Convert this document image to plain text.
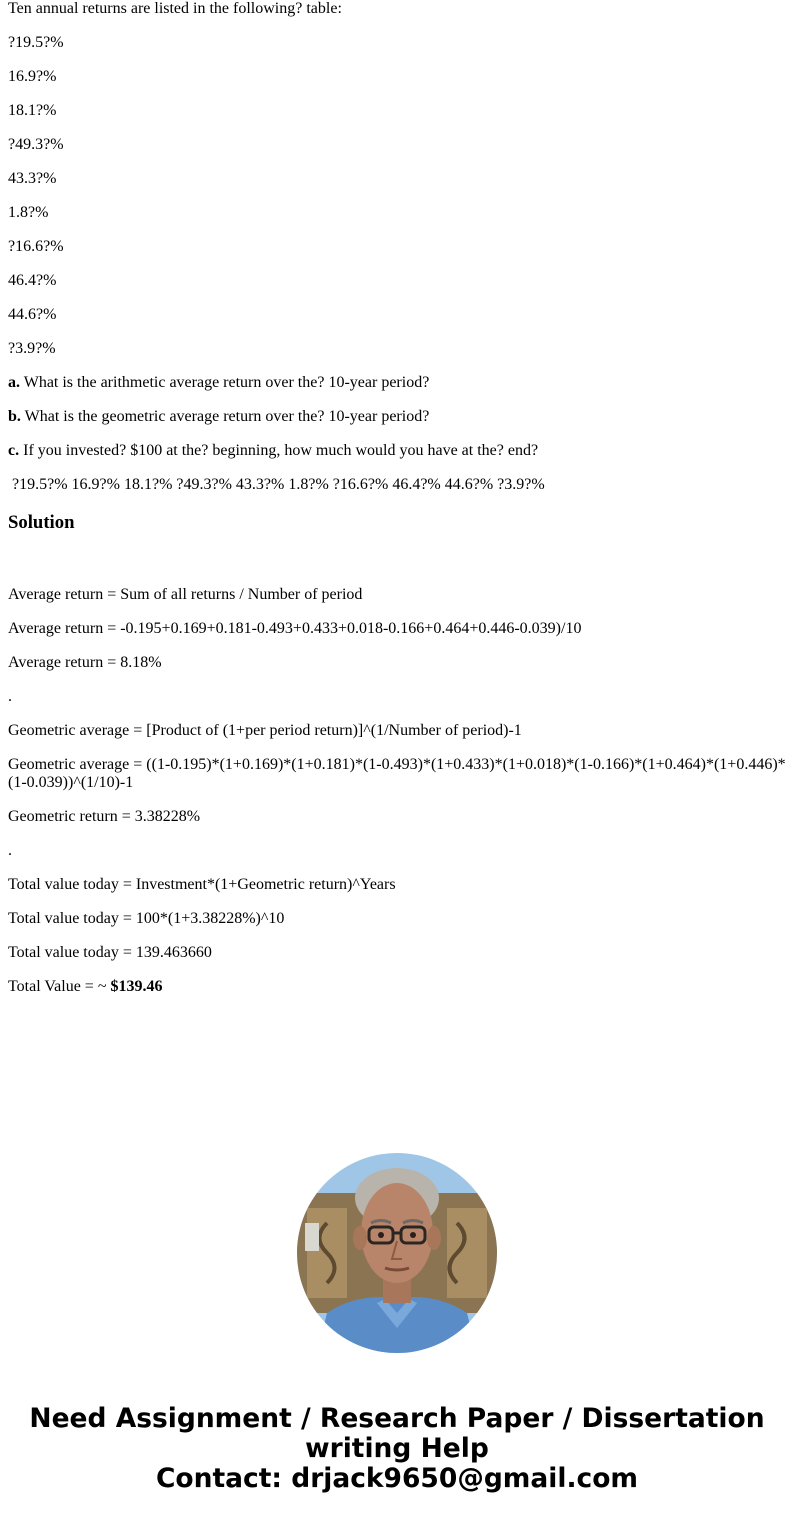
Ten annual returns are listed in the following? table:

?19.5?%

16.9?%

18.1?%

?49.3?%

43.3?%

1.8?%

?16.6?%

46.4?%

44.6?%

?3.9?%

a. What is the arithmetic average return over the? 10-year period?

b. What is the geometric average return over the? 10-year period?

c. If you invested? $100 at the? beginning, how much would you have at the? end?

?19.5?% 16.9?% 18.1?% ?49.3?% 43.3?% 1.8?% ?16.6?% 46.4?% 44.6?% ?3.9?%
Solution

Average return = Sum of all returns / Number of period

Average return = -0.195+0.169+0.181-0.493+0.433+0.018-0.166+0.464+0.446-0.039)/10

Average return = 8.18%

.

Geometric average = [Product of (1+per period return)]^(1/Number of period)-1

Geometric average = ((1-0.195)*(1+0.169)*(1+0.181)*(1-0.493)*(1+0.433)*(1+0.018)*(1-0.166)*(1+0.464)*(1+0.446)*(1-0.039))^(1/10)-1

Geometric return = 3.38228%

.

Total value today = Investment*(1+Geometric return)^Years

Total value today = 100*(1+3.38228%)^10

Total value today = 139.463660

Total Value = ~ $139.46

Need Assignment / Research Paper / Dissertation
writing Help
Contact: drjack9650@gmail.com
